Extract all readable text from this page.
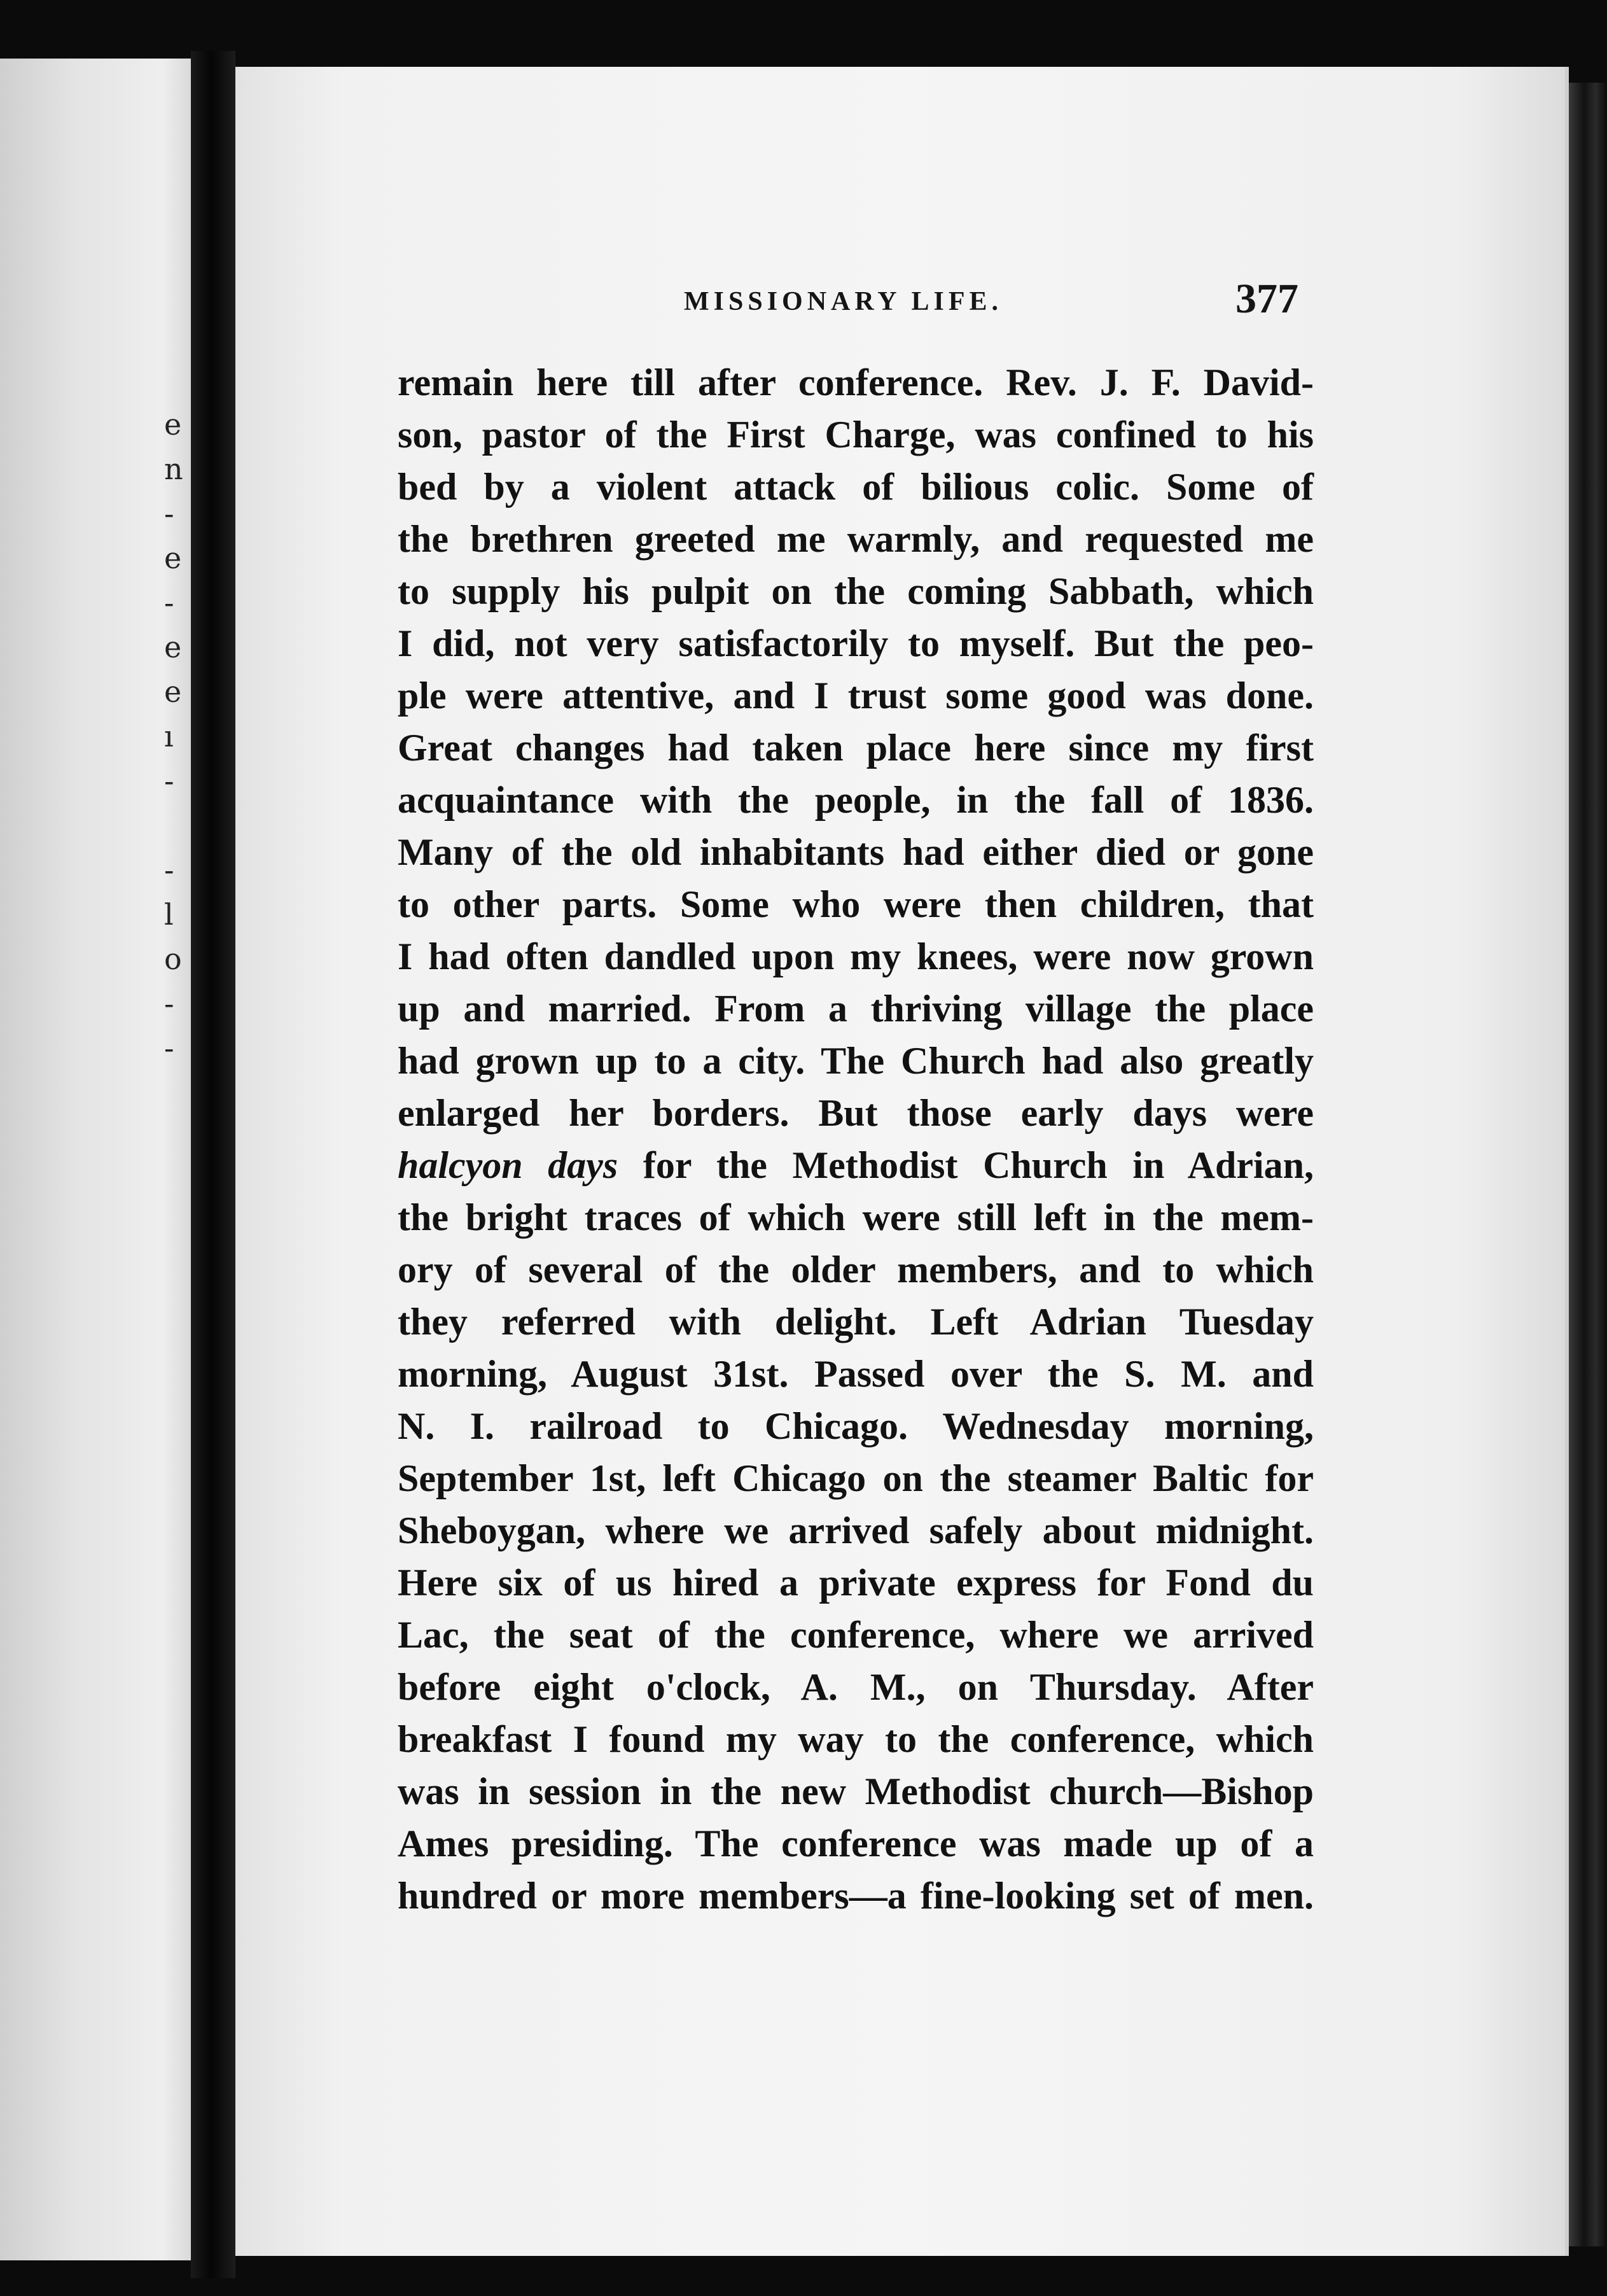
e
n
-
e
-
e
e
ı
-

-
l
o
-
-
MISSIONARY LIFE.	377
remain here till after conference. Rev. J. F. David-
son, pastor of the First Charge, was confined to his
bed by a violent attack of bilious colic. Some of
the brethren greeted me warmly, and requested me
to supply his pulpit on the coming Sabbath, which
I did, not very satisfactorily to myself. But the peo-
ple were attentive, and I trust some good was done.
Great changes had taken place here since my first
acquaintance with the people, in the fall of 1836.
Many of the old inhabitants had either died or gone
to other parts. Some who were then children, that
I had often dandled upon my knees, were now grown
up and married. From a thriving village the place
had grown up to a city. The Church had also greatly
enlarged her borders. But those early days were
halcyon days for the Methodist Church in Adrian,
the bright traces of which were still left in the mem-
ory of several of the older members, and to which
they referred with delight. Left Adrian Tuesday
morning, August 31st. Passed over the S. M. and
N. I. railroad to Chicago. Wednesday morning,
September 1st, left Chicago on the steamer Baltic for
Sheboygan, where we arrived safely about midnight.
Here six of us hired a private express for Fond du
Lac, the seat of the conference, where we arrived
before eight o'clock, A. M., on Thursday. After
breakfast I found my way to the conference, which
was in session in the new Methodist church—Bishop
Ames presiding. The conference was made up of a
hundred or more members—a fine-looking set of men.
